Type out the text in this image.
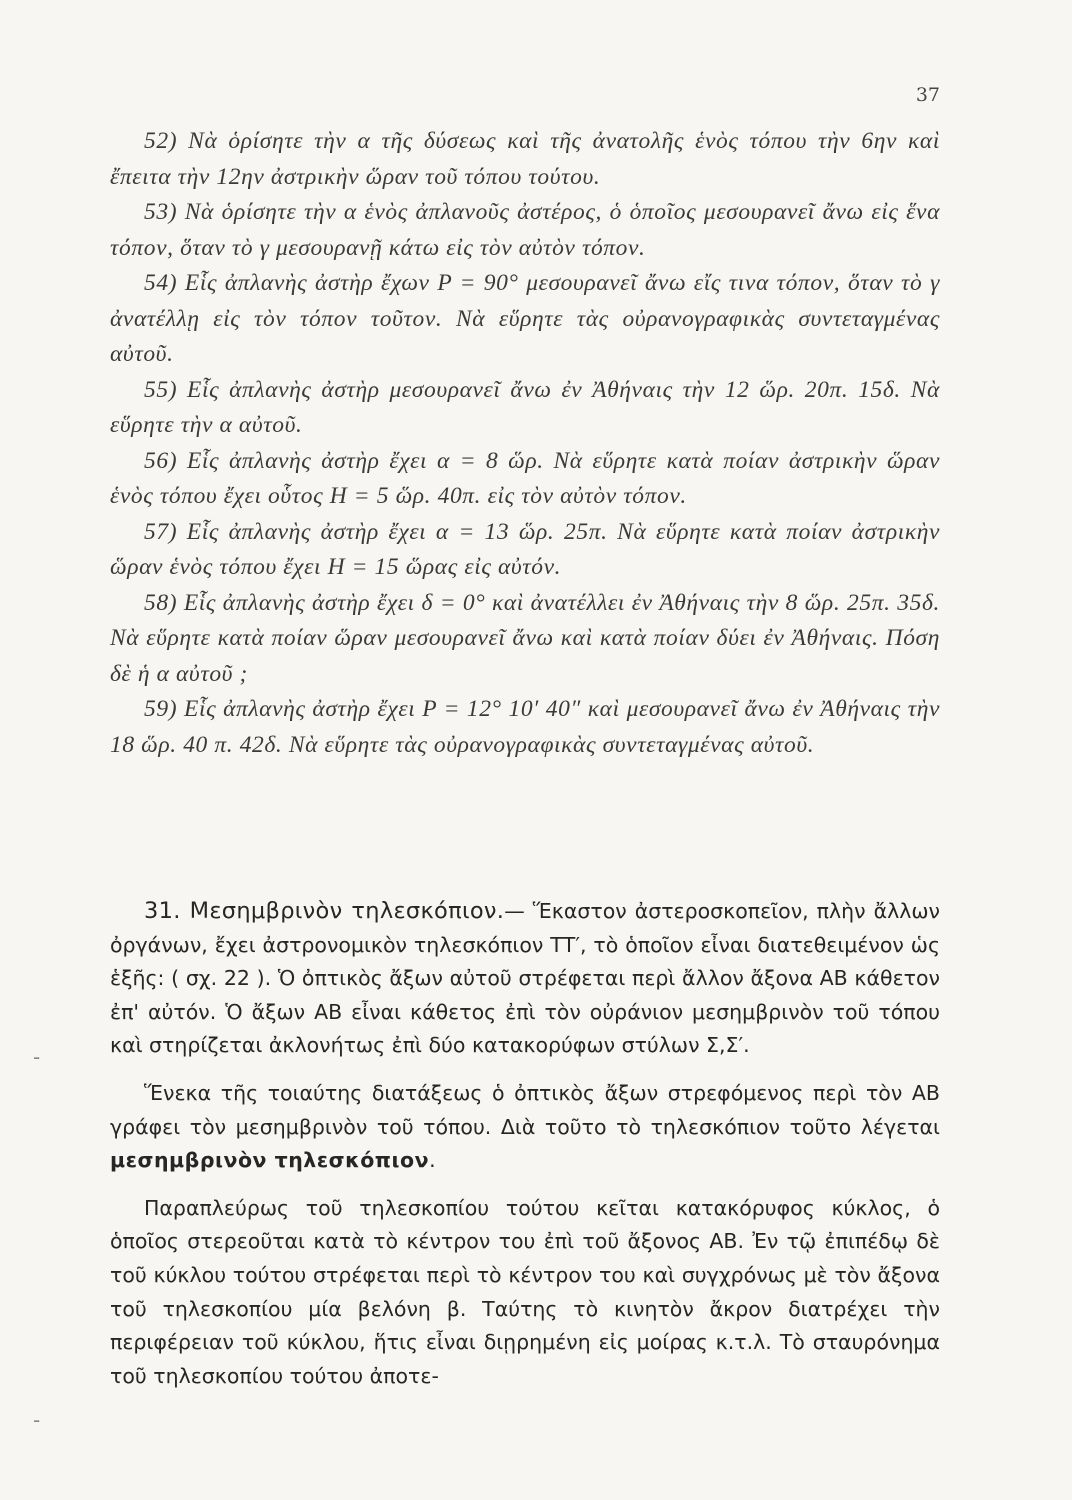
37

52) Νὰ ὁρίσητε τὴν α τῆς δύσεως καὶ τῆς ἀνατολῆς ἑνὸς τόπου τὴν 6ην καὶ ἔπειτα τὴν 12ην ἀστρικὴν ὥραν τοῦ τόπου τούτου.

53) Νὰ ὁρίσητε τὴν α ἑνὸς ἀπλανοῦς ἀστέρος, ὁ ὁποῖος μεσουρανεῖ ἄνω εἰς ἕνα τόπον, ὅταν τὸ γ μεσουρανῇ κάτω εἰς τὸν αὐτὸν τόπον.

54) Εἷς ἀπλανὴς ἀστὴρ ἔχων P = 90° μεσουρανεῖ ἄνω εἴς τινα τόπον, ὅταν τὸ γ ἀνατέλλῃ εἰς τὸν τόπον τοῦτον. Νὰ εὕρητε τὰς οὐρανογραφικὰς συντεταγμένας αὐτοῦ.

55) Εἷς ἀπλανὴς ἀστὴρ μεσουρανεῖ ἄνω ἐν Ἀθήναις τὴν 12 ὥρ. 20π. 15δ. Νὰ εὕρητε τὴν α αὐτοῦ.

56) Εἷς ἀπλανὴς ἀστὴρ ἔχει α = 8 ὥρ. Νὰ εὕρητε κατὰ ποίαν ἀστρικὴν ὥραν ἑνὸς τόπου ἔχει οὗτος H = 5 ὥρ. 40π. εἰς τὸν αὐτὸν τόπον.

57) Εἷς ἀπλανὴς ἀστὴρ ἔχει α = 13 ὥρ. 25π. Νὰ εὕρητε κατὰ ποίαν ἀστρικὴν ὥραν ἑνὸς τόπου ἔχει H = 15 ὥρας εἰς αὐτόν.

58) Εἷς ἀπλανὴς ἀστὴρ ἔχει δ = 0° καὶ ἀνατέλλει ἐν Ἀθήναις τὴν 8 ὥρ. 25π. 35δ. Νὰ εὕρητε κατὰ ποίαν ὥραν μεσουρανεῖ ἄνω καὶ κατὰ ποίαν δύει ἐν Ἀθήναις. Πόση δὲ ἡ α αὐτοῦ ;

59) Εἷς ἀπλανὴς ἀστὴρ ἔχει P = 12° 10′ 40″ καὶ μεσουρανεῖ ἄνω ἐν Ἀθήναις τὴν 18 ὥρ. 40 π. 42δ. Νὰ εὕρητε τὰς οὐρανογραφικὰς συντεταγμένας αὐτοῦ.

31. Μεσημβρινὸν τηλεσκόπιον.— Ἕκαστον ἀστεροσκοπεῖον, πλὴν ἄλλων ὀργάνων, ἔχει ἀστρονομικὸν τηλεσκόπιον ΤΤ′, τὸ ὁποῖον εἶναι διατεθειμένον ὡς ἑξῆς: ( σχ. 22 ). Ὁ ὀπτικὸς ἄξων αὐτοῦ στρέφεται περὶ ἄλλον ἄξονα ΑΒ κάθετον ἐπ' αὐτόν. Ὁ ἄξων ΑΒ εἶναι κάθετος ἐπὶ τὸν οὐράνιον μεσημβρινὸν τοῦ τόπου καὶ στηρίζεται ἀκλονήτως ἐπὶ δύο κατακορύφων στύλων Σ,Σ′.

Ἕνεκα τῆς τοιαύτης διατάξεως ὁ ὀπτικὸς ἄξων στρεφόμενος περὶ τὸν ΑΒ γράφει τὸν μεσημβρινὸν τοῦ τόπου. Διὰ τοῦτο τὸ τηλεσκόπιον τοῦτο λέγεται μεσημβρινὸν τηλεσκόπιον.

Παραπλεύρως τοῦ τηλεσκοπίου τούτου κεῖται κατακόρυφος κύκλος, ὁ ὁποῖος στερεοῦται κατὰ τὸ κέντρον του ἐπὶ τοῦ ἄξονος ΑΒ. Ἐν τῷ ἐπιπέδῳ δὲ τοῦ κύκλου τούτου στρέφεται περὶ τὸ κέντρον του καὶ συγχρόνως μὲ τὸν ἄξονα τοῦ τηλεσκοπίου μία βελόνη β. Ταύτης τὸ κινητὸν ἄκρον διατρέχει τὴν περιφέρειαν τοῦ κύκλου, ἥτις εἶναι διῃρημένη εἰς μοίρας κ.τ.λ. Τὸ σταυρόνημα τοῦ τηλεσκοπίου τούτου ἀποτε-

-
-
